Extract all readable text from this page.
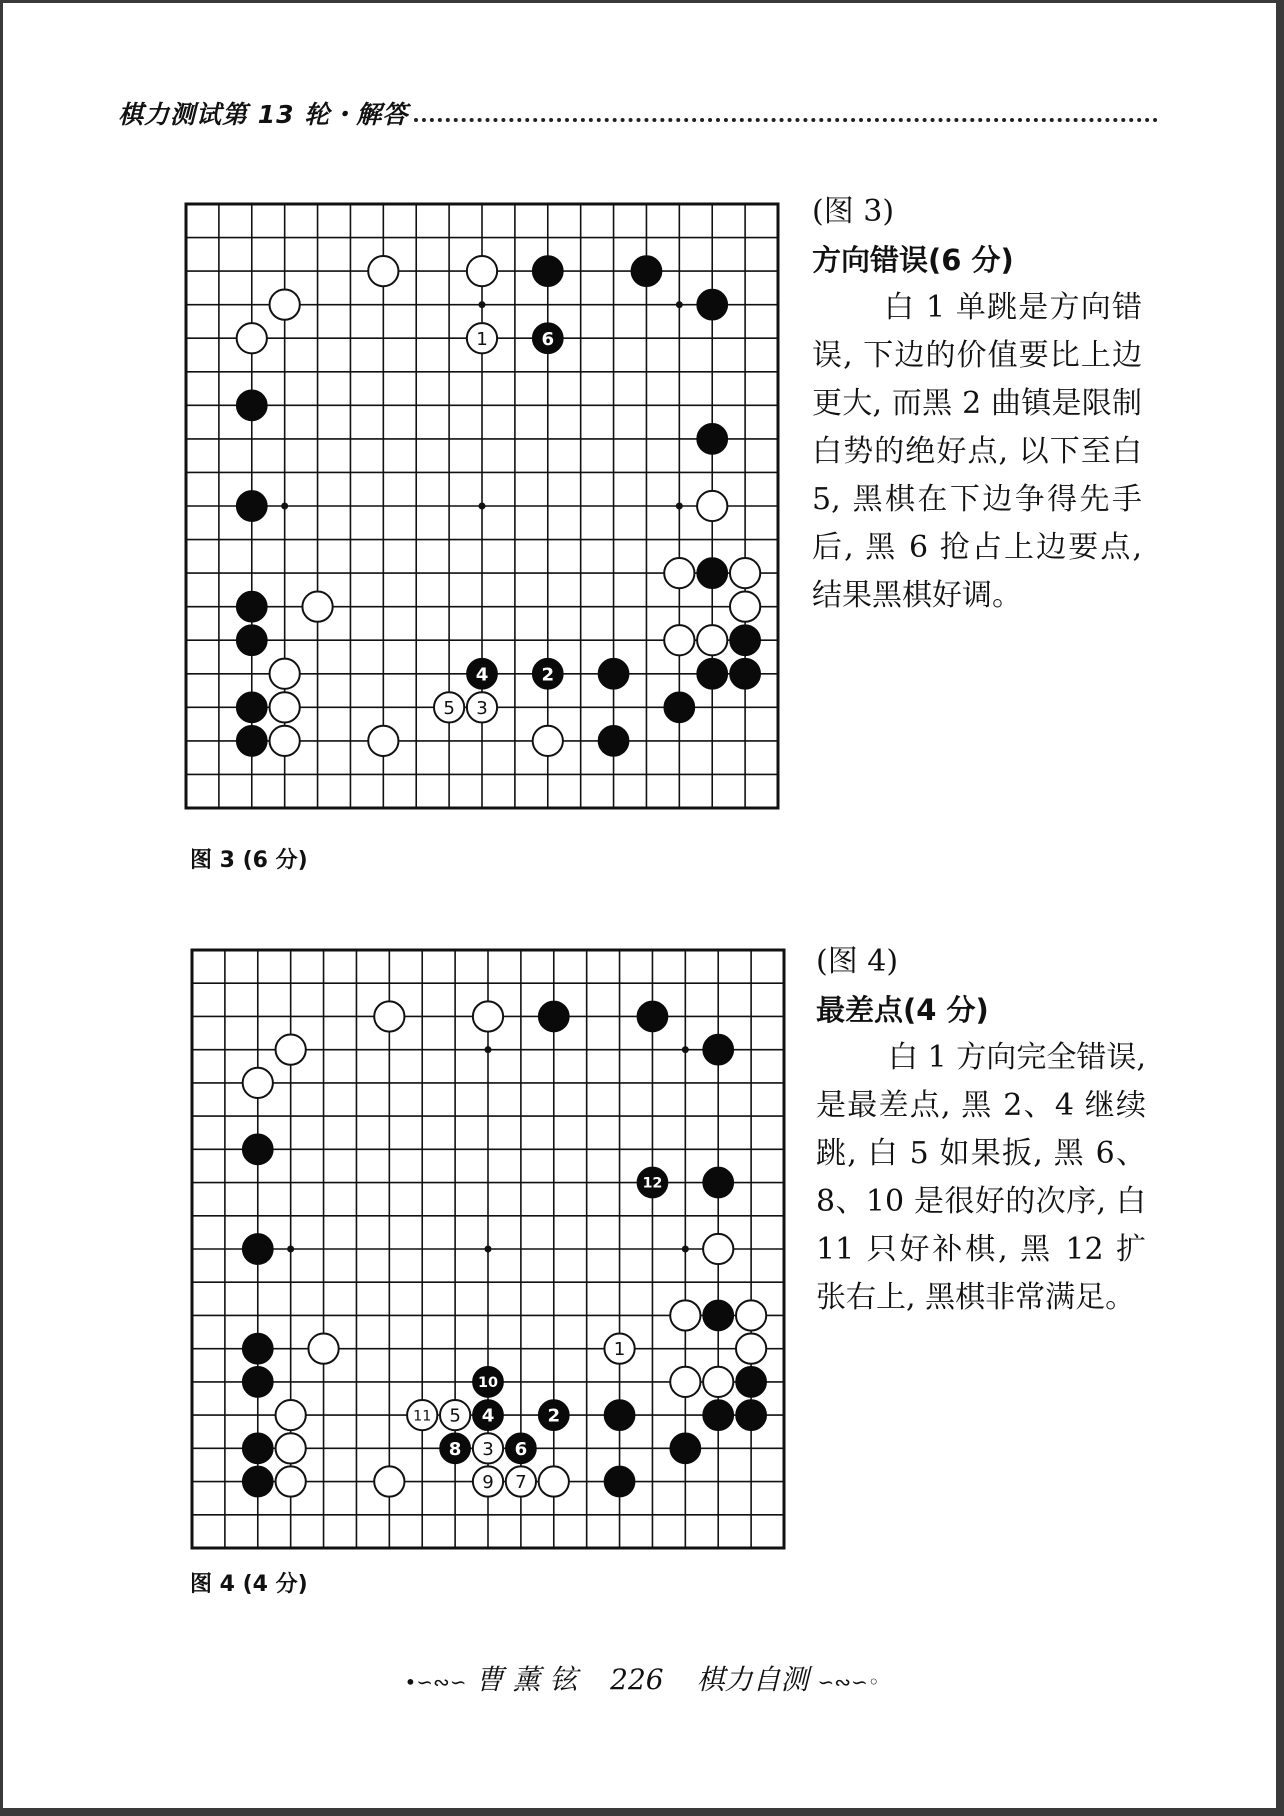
棋力测试第 13 轮・解答
1	6
4	2
5 3
图 3 (6 分)
(图 3)
方向错误(6 分)
白 1 单跳是方向错误, 下边的价值要比上边更大, 而黑 2 曲镇是限制白势的绝好点, 以下至白 5, 黑棋在下边争得先手后, 黑 6 抢占上边要点, 结果黑棋好调。
12
1
10
11 5 4	2
8 3 6
9 7
图 4 (4 分)
(图 4)
最差点(4 分)
白 1 方向完全错误, 是最差点, 黑 2、4 继续跳, 白 5 如果扳, 黑 6、8、10 是很好的次序, 白 11 只好补棋, 黑 12 扩张右上, 黑棋非常满足。
•∽∾∽ 曹 薰 铉 226 棋力自测 ∽∾∽◦
